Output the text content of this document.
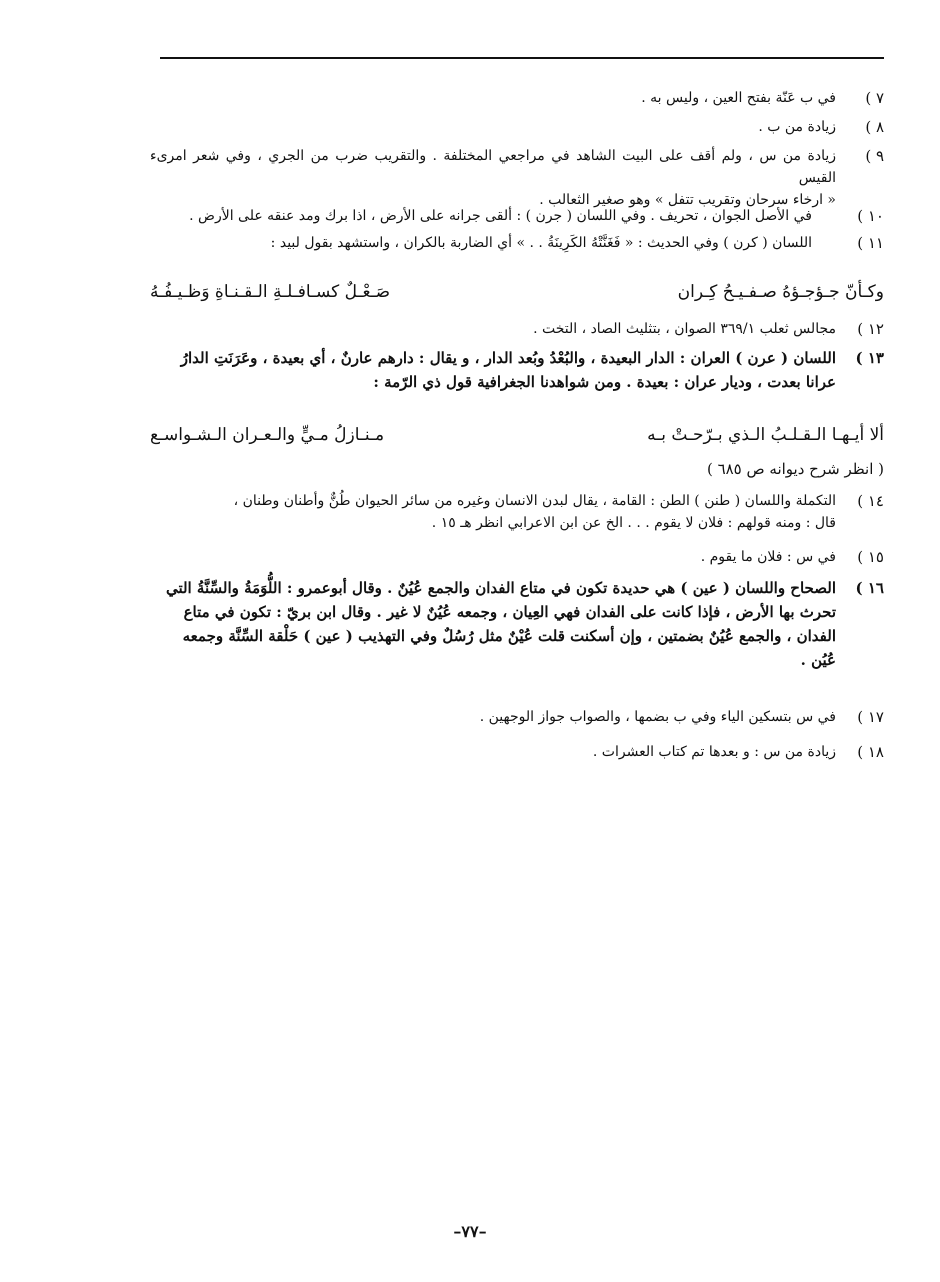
٧ )
في ب عَنّة بفتح العين ، وليس به .
٨ )
زيادة من ب .
٩ )
زيادة من س ، ولم أقف على البيت الشاهد في مراجعي المختلفة . والتقريب ضرب من الجري ، وفي شعر امرىء القيس
« ارخاء سرحان وتقريب تتفل » وهو صغير الثعالب .
١٠ )
في الأصل الجوان ، تحريف . وفي اللسان ( جرن ) : ألقى جرانه على الأرض ، اذا برك ومد عنقه على الأرض .
١١ )
اللسان ( كرن ) وفي الحديث : « فَغَنَّتْهُ الكَرِينَةُ . . » أي الضاربة بالكران ، واستشهد بقول لبيد :
وكـأنّ جـؤجـؤهُ صـفـيـحُ كِـران
صَـعْـلٌ كسـافـلـةِ الـقـنـاةِ وَظـيـفُـهُ
١٢ )
مجالس ثعلب ٣٦٩/١ الصوان ، بتثليث الصاد ، التخت .
١٣ )
اللسان ( عرن ) العران : الدار البعيدة ، والبُعْدُ وبُعد الدار ، و يقال : دارهم عارنٌ ، أي بعيدة ، وعَرَنَتِ الدارُ
عرانا بعدت ، وديار عران : بعيدة . ومن شواهدنا الجغرافية قول ذي الرّمة :
ألا أيـهـا الـقـلـبُ الـذي بـرّحـتْ بـه
مـنـازلُ مـيٍّ والـعـران الـشـواسـع
( انظر شرح ديوانه ص ٦٨٥ )
١٤ )
التكملة واللسان ( طنن ) الطن : القامة ، يقال لبدن الانسان وغيره من سائر الحيوان طُنٌّ وأطنان وطنان ،
قال : ومنه قولهم : فلان لا يقوم . . . الخ عن ابن الاعرابي انظر هـ ١٥ .
١٥ )
في س : فلان ما يقوم .
١٦ )
الصحاح واللسان ( عين ) هي حديدة تكون في متاع الفدان والجمع عُيُنٌ . وقال أبوعمرو : اللُّوَمَةُ والسِّنَّةُ التي
تحرث بها الأرض ، فإذا كانت على الفدان فهي العِيان ، وجمعه عُيُنٌ لا غير . وقال ابن بريّ : تكون في متاع
الفدان ، والجمع عُيُنٌ بضمتين ، وإن أسكنت قلت عُيْنٌ مثل رُسُلٌ وفي التهذيب ( عين ) حَلْقة السِّنَّة وجمعه
عُيُن .
١٧ )
في س بتسكين الياء وفي ب بضمها ، والصواب جواز الوجهين .
١٨ )
زيادة من س : و بعدها تم كتاب العشرات .
–٧٧–
